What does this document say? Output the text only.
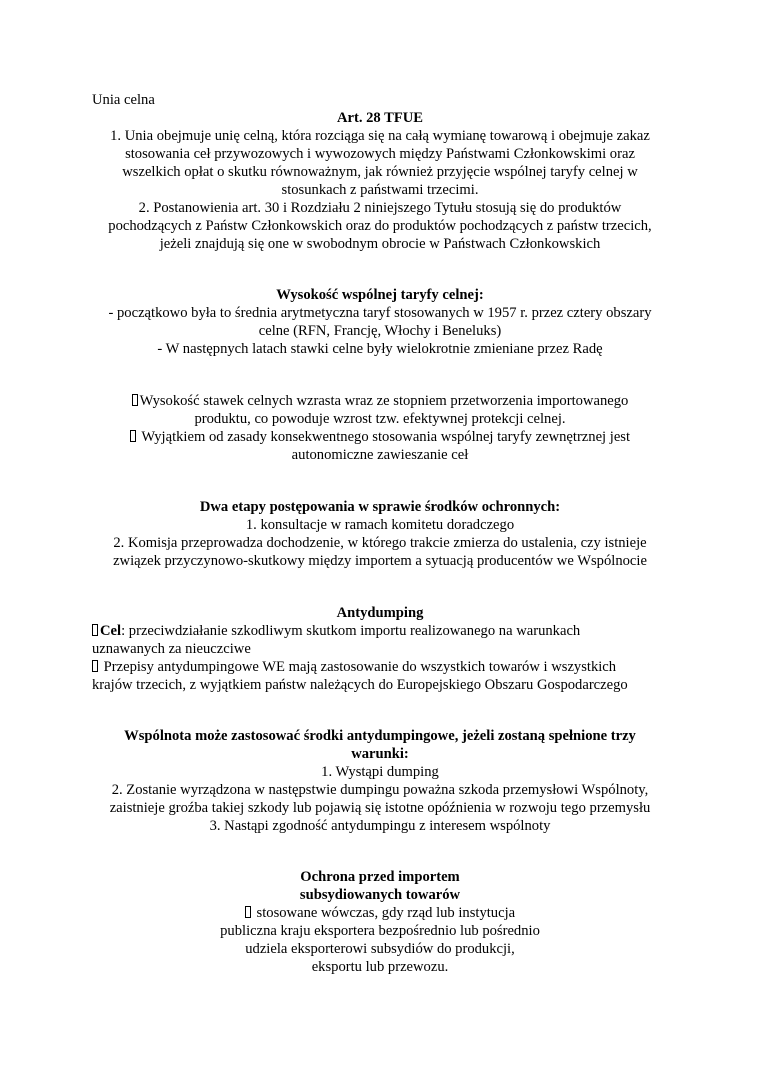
Unia celna
Art. 28 TFUE
1. Unia obejmuje unię celną, która rozciąga się na całą wymianę towarową i obejmuje zakaz
stosowania ceł przywozowych i wywozowych między Państwami Członkowskimi oraz
wszelkich opłat o skutku równoważnym, jak również przyjęcie wspólnej taryfy celnej w
stosunkach z państwami trzecimi.
2. Postanowienia art. 30 i Rozdziału 2 niniejszego Tytułu stosują się do produktów
pochodzących z Państw Członkowskich oraz do produktów pochodzących z państw trzecich,
jeżeli znajdują się one w swobodnym obrocie w Państwach Członkowskich
Wysokość wspólnej taryfy celnej:
- początkowo była to średnia arytmetyczna taryf stosowanych w 1957 r. przez cztery obszary
celne (RFN, Francję, Włochy i Beneluks)
- W następnych latach stawki celne były wielokrotnie zmieniane przez Radę
Wysokość stawek celnych wzrasta wraz ze stopniem przetworzenia importowanego
produktu, co powoduje wzrost tzw. efektywnej protekcji celnej.
Wyjątkiem od zasady konsekwentnego stosowania wspólnej taryfy zewnętrznej jest
autonomiczne zawieszanie ceł
Dwa etapy postępowania w sprawie środków ochronnych:
1. konsultacje w ramach komitetu doradczego
2. Komisja przeprowadza dochodzenie, w którego trakcie zmierza do ustalenia, czy istnieje
związek przyczynowo-skutkowy między importem a sytuacją producentów we Wspólnocie
Antydumping
Cel: przeciwdziałanie szkodliwym skutkom importu realizowanego na warunkach
uznawanych za nieuczciwe
Przepisy antydumpingowe WE mają zastosowanie do wszystkich towarów i wszystkich
krajów trzecich, z wyjątkiem państw należących do Europejskiego Obszaru Gospodarczego
Wspólnota może zastosować środki antydumpingowe, jeżeli zostaną spełnione trzy
warunki:
1. Wystąpi dumping
2. Zostanie wyrządzona w następstwie dumpingu poważna szkoda przemysłowi Wspólnoty,
zaistnieje groźba takiej szkody lub pojawią się istotne opóźnienia w rozwoju tego przemysłu
3. Nastąpi zgodność antydumpingu z interesem wspólnoty
Ochrona przed importem
subsydiowanych towarów
stosowane wówczas, gdy rząd lub instytucja
publiczna kraju eksportera bezpośrednio lub pośrednio
udziela eksporterowi subsydiów do produkcji,
eksportu lub przewozu.
